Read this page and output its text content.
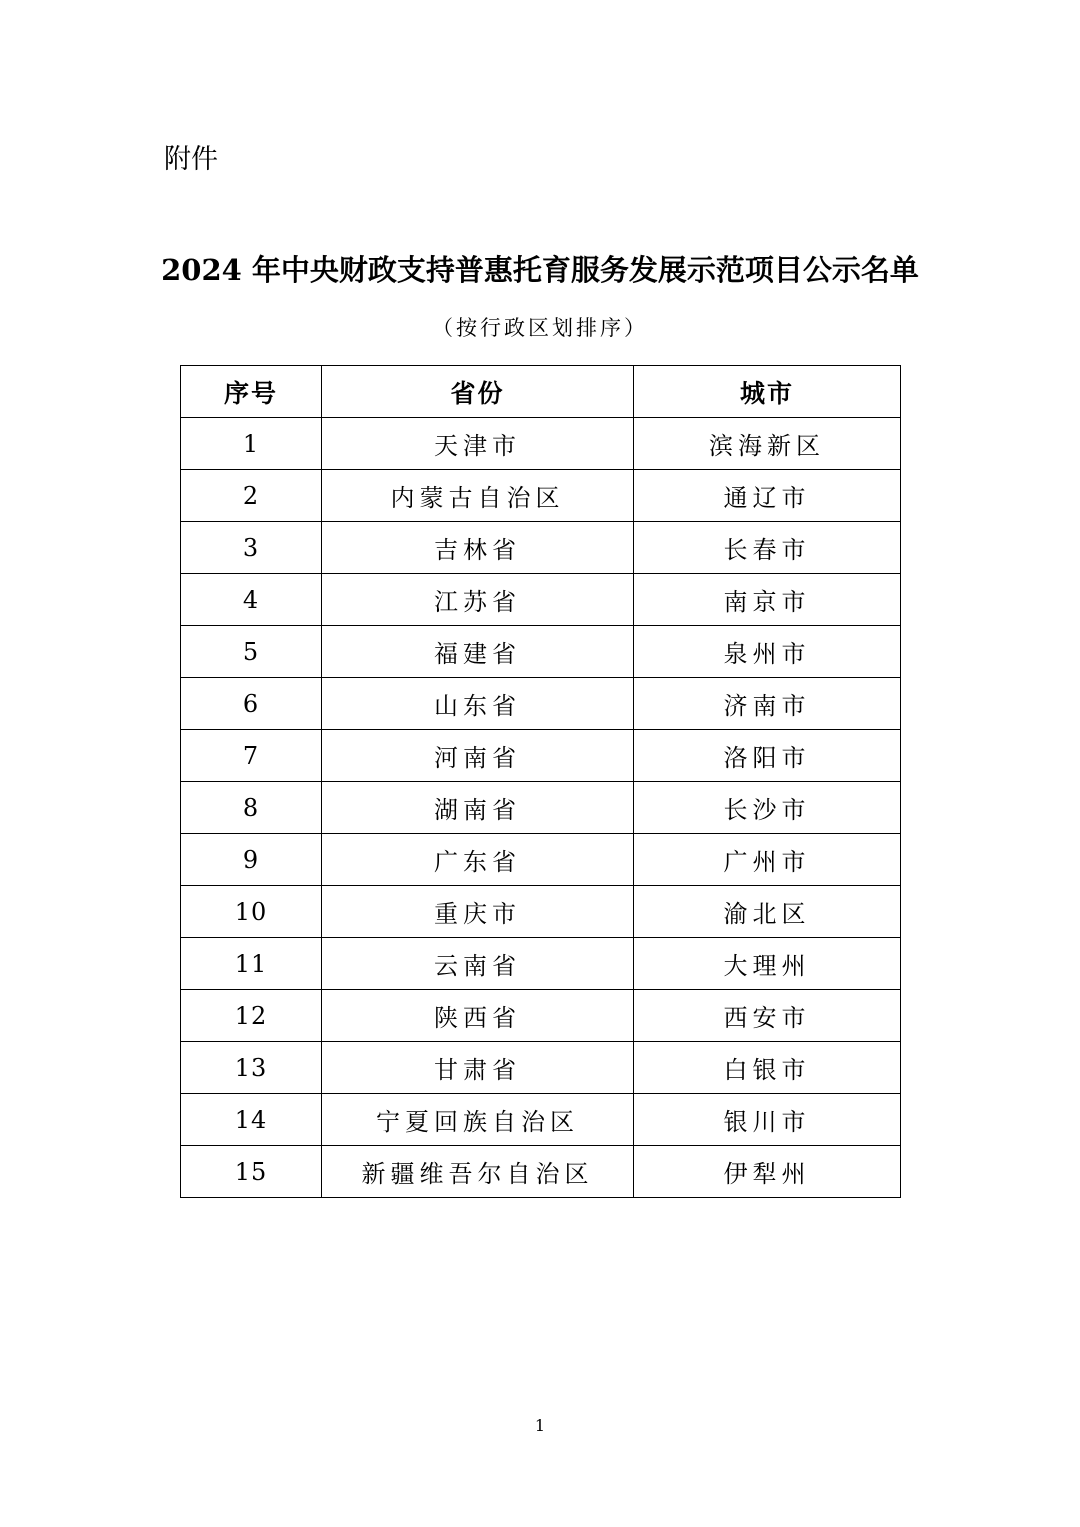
附件

2024 年中央财政支持普惠托育服务发展示范项目公示名单

（按行政区划排序）

序号	省份	城市
1	天津市	滨海新区
2	内蒙古自治区	通辽市
3	吉林省	长春市
4	江苏省	南京市
5	福建省	泉州市
6	山东省	济南市
7	河南省	洛阳市
8	湖南省	长沙市
9	广东省	广州市
10	重庆市	渝北区
11	云南省	大理州
12	陕西省	西安市
13	甘肃省	白银市
14	宁夏回族自治区	银川市
15	新疆维吾尔自治区	伊犁州

1
